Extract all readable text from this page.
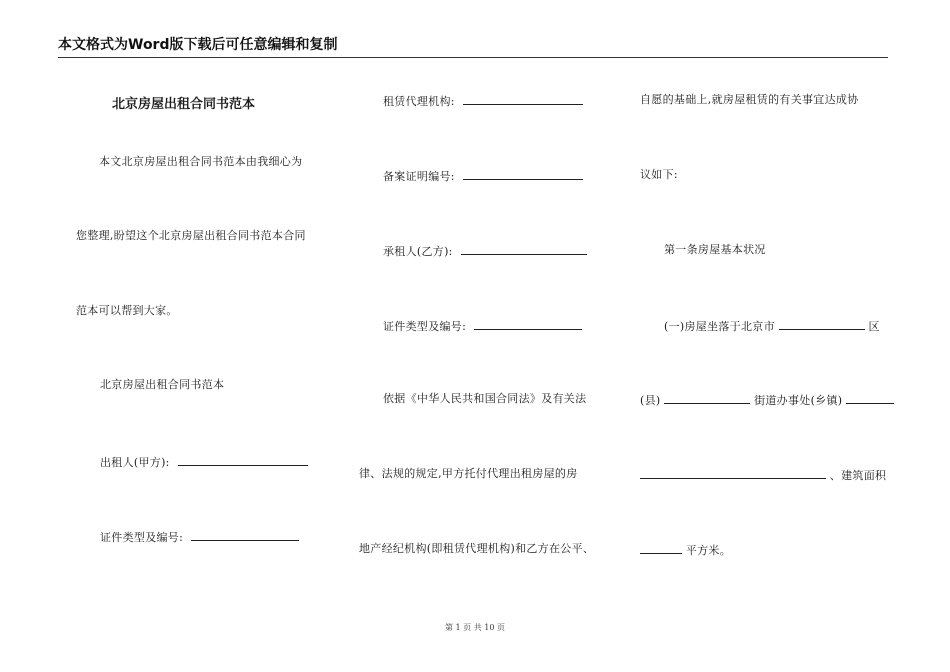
本文格式为Word版下载后可任意编辑和复制
北京房屋出租合同书范本
本文北京房屋出租合同书范本由我细心为
您整理,盼望这个北京房屋出租合同书范本合同
范本可以帮到大家。
北京房屋出租合同书范本
出租人(甲方):
证件类型及编号:
租赁代理机构:
备案证明编号:
承租人(乙方):
证件类型及编号:
依据《中华人民共和国合同法》及有关法
律、法规的规定,甲方托付代理出租房屋的房
地产经纪机构(即租赁代理机构)和乙方在公平、
自愿的基础上,就房屋租赁的有关事宜达成协
议如下:
第一条房屋基本状况
(一)房屋坐落于北京市	区
(县)	街道办事处(乡镇)
、建筑面积
平方米。
第 1 页 共 10 页
